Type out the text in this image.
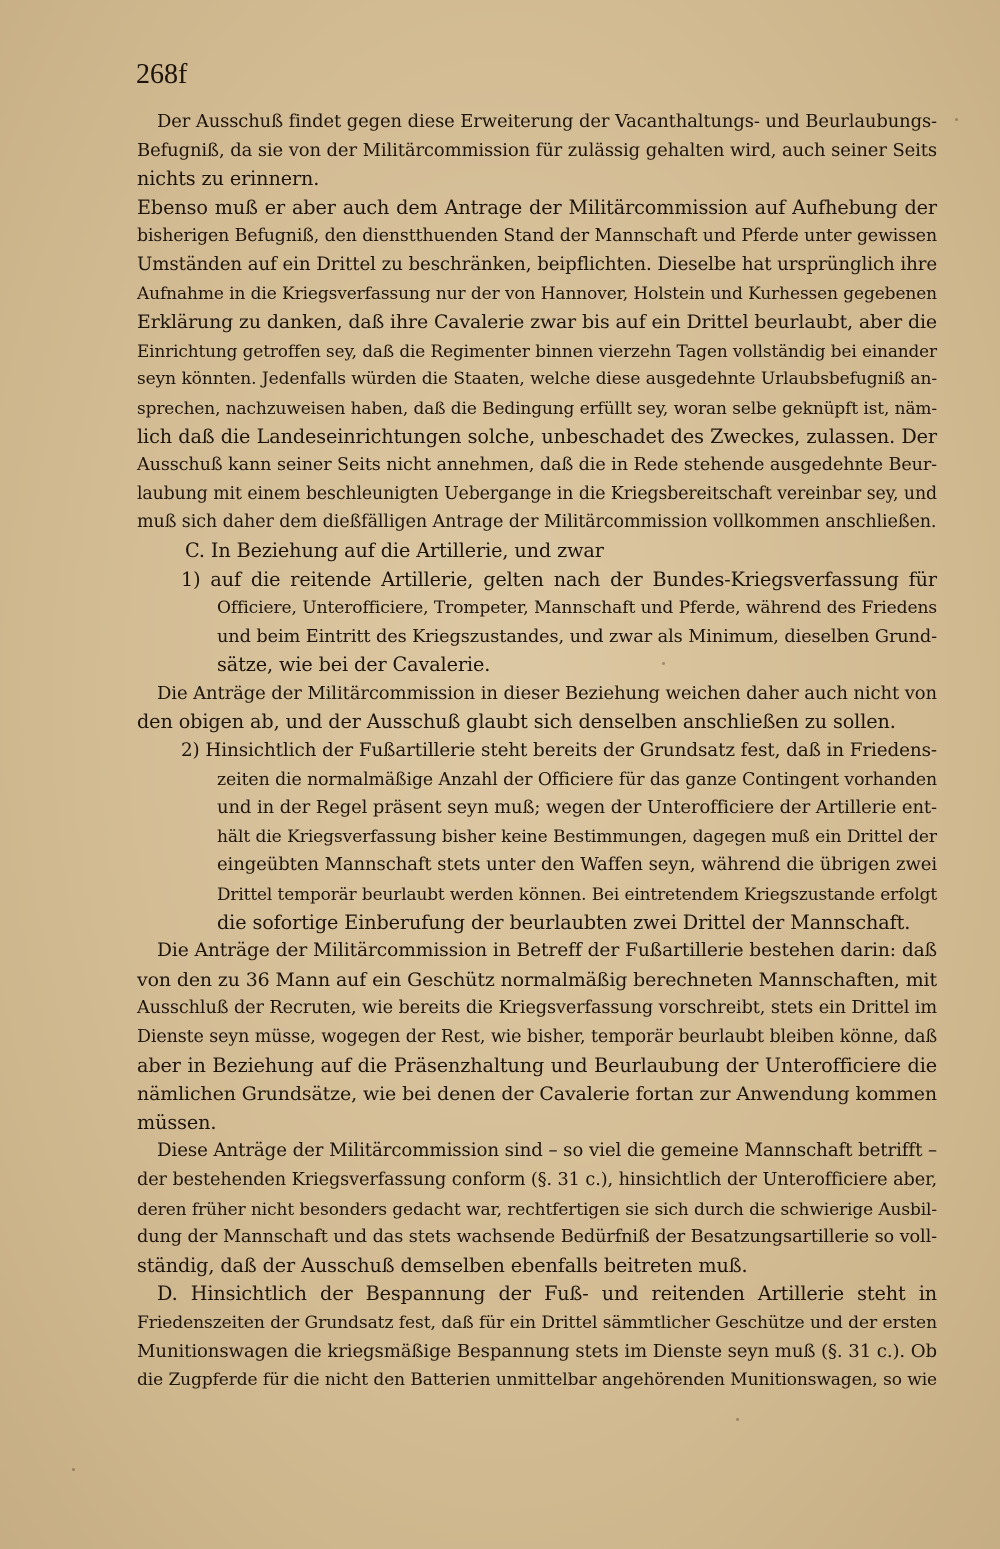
268f
Der Ausschuß findet gegen diese Erweiterung der Vacanthaltungs- und Beurlaubungs-
Befugniß, da sie von der Militärcommission für zulässig gehalten wird, auch seiner Seits
nichts zu erinnern.
Ebenso muß er aber auch dem Antrage der Militärcommission auf Aufhebung der
bisherigen Befugniß, den dienstthuenden Stand der Mannschaft und Pferde unter gewissen
Umständen auf ein Drittel zu beschränken, beipflichten. Dieselbe hat ursprünglich ihre
Aufnahme in die Kriegsverfassung nur der von Hannover, Holstein und Kurhessen gegebenen
Erklärung zu danken, daß ihre Cavalerie zwar bis auf ein Drittel beurlaubt, aber die
Einrichtung getroffen sey, daß die Regimenter binnen vierzehn Tagen vollständig bei einander
seyn könnten. Jedenfalls würden die Staaten, welche diese ausgedehnte Urlaubsbefugniß an-
sprechen, nachzuweisen haben, daß die Bedingung erfüllt sey, woran selbe geknüpft ist, näm-
lich daß die Landeseinrichtungen solche, unbeschadet des Zweckes, zulassen. Der
Ausschuß kann seiner Seits nicht annehmen, daß die in Rede stehende ausgedehnte Beur-
laubung mit einem beschleunigten Uebergange in die Kriegsbereitschaft vereinbar sey, und
muß sich daher dem dießfälligen Antrage der Militärcommission vollkommen anschließen.
C. In Beziehung auf die Artillerie, und zwar
1) auf die reitende Artillerie, gelten nach der Bundes-Kriegsverfassung für
Officiere, Unterofficiere, Trompeter, Mannschaft und Pferde, während des Friedens
und beim Eintritt des Kriegszustandes, und zwar als Minimum, dieselben Grund-
sätze, wie bei der Cavalerie.
Die Anträge der Militärcommission in dieser Beziehung weichen daher auch nicht von
den obigen ab, und der Ausschuß glaubt sich denselben anschließen zu sollen.
2) Hinsichtlich der Fußartillerie steht bereits der Grundsatz fest, daß in Friedens-
zeiten die normalmäßige Anzahl der Officiere für das ganze Contingent vorhanden
und in der Regel präsent seyn muß; wegen der Unterofficiere der Artillerie ent-
hält die Kriegsverfassung bisher keine Bestimmungen, dagegen muß ein Drittel der
eingeübten Mannschaft stets unter den Waffen seyn, während die übrigen zwei
Drittel temporär beurlaubt werden können. Bei eintretendem Kriegszustande erfolgt
die sofortige Einberufung der beurlaubten zwei Drittel der Mannschaft.
Die Anträge der Militärcommission in Betreff der Fußartillerie bestehen darin: daß
von den zu 36 Mann auf ein Geschütz normalmäßig berechneten Mannschaften, mit
Ausschluß der Recruten, wie bereits die Kriegsverfassung vorschreibt, stets ein Drittel im
Dienste seyn müsse, wogegen der Rest, wie bisher, temporär beurlaubt bleiben könne, daß
aber in Beziehung auf die Präsenzhaltung und Beurlaubung der Unterofficiere die
nämlichen Grundsätze, wie bei denen der Cavalerie fortan zur Anwendung kommen
müssen.
Diese Anträge der Militärcommission sind – so viel die gemeine Mannschaft betrifft –
der bestehenden Kriegsverfassung conform (§. 31 c.), hinsichtlich der Unterofficiere aber,
deren früher nicht besonders gedacht war, rechtfertigen sie sich durch die schwierige Ausbil-
dung der Mannschaft und das stets wachsende Bedürfniß der Besatzungsartillerie so voll-
ständig, daß der Ausschuß demselben ebenfalls beitreten muß.
D. Hinsichtlich der Bespannung der Fuß- und reitenden Artillerie steht in
Friedenszeiten der Grundsatz fest, daß für ein Drittel sämmtlicher Geschütze und der ersten
Munitionswagen die kriegsmäßige Bespannung stets im Dienste seyn muß (§. 31 c.). Ob
die Zugpferde für die nicht den Batterien unmittelbar angehörenden Munitionswagen, so wie
